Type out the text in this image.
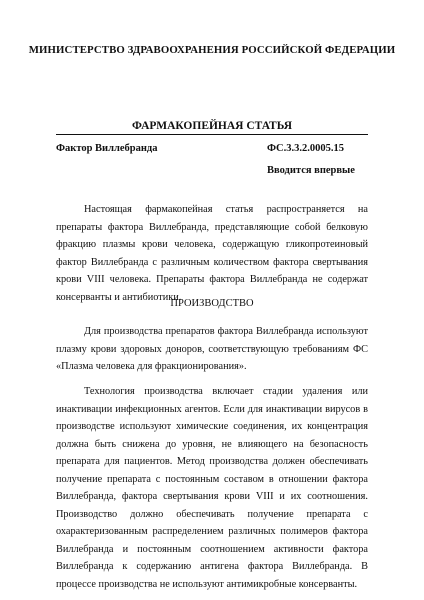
МИНИСТЕРСТВО ЗДРАВООХРАНЕНИЯ РОССИЙСКОЙ ФЕДЕРАЦИИ
ФАРМАКОПЕЙНАЯ СТАТЬЯ
Фактор Виллебранда	ФС.3.3.2.0005.15
Вводится впервые
Настоящая фармакопейная статья распространяется на препараты фактора Виллебранда, представляющие собой белковую фракцию плазмы крови человека, содержащую гликопротеиновый фактор Виллебранда с различным количеством фактора свертывания крови VIII человека. Препараты фактора Виллебранда не содержат консерванты и антибиотики.
ПРОИЗВОДСТВО
Для производства препаратов фактора Виллебранда используют плазму крови здоровых доноров, соответствующую требованиям ФС «Плазма человека для фракционирования».
Технология производства включает стадии удаления или инактивации инфекционных агентов. Если для инактивации вирусов в производстве используют химические соединения, их концентрация должна быть снижена до уровня, не влияющего на безопасность препарата для пациентов. Метод производства должен обеспечивать получение препарата с постоянным составом в отношении фактора Виллебранда, фактора свертывания крови VIII и их соотношения. Производство должно обеспечивать получение препарата с охарактеризованным распределением различных полимеров фактора Виллебранда и постоянным соотношением активности фактора Виллебранда к содержанию антигена фактора Виллебранда. В процессе производства не используют антимикробные консерванты.
